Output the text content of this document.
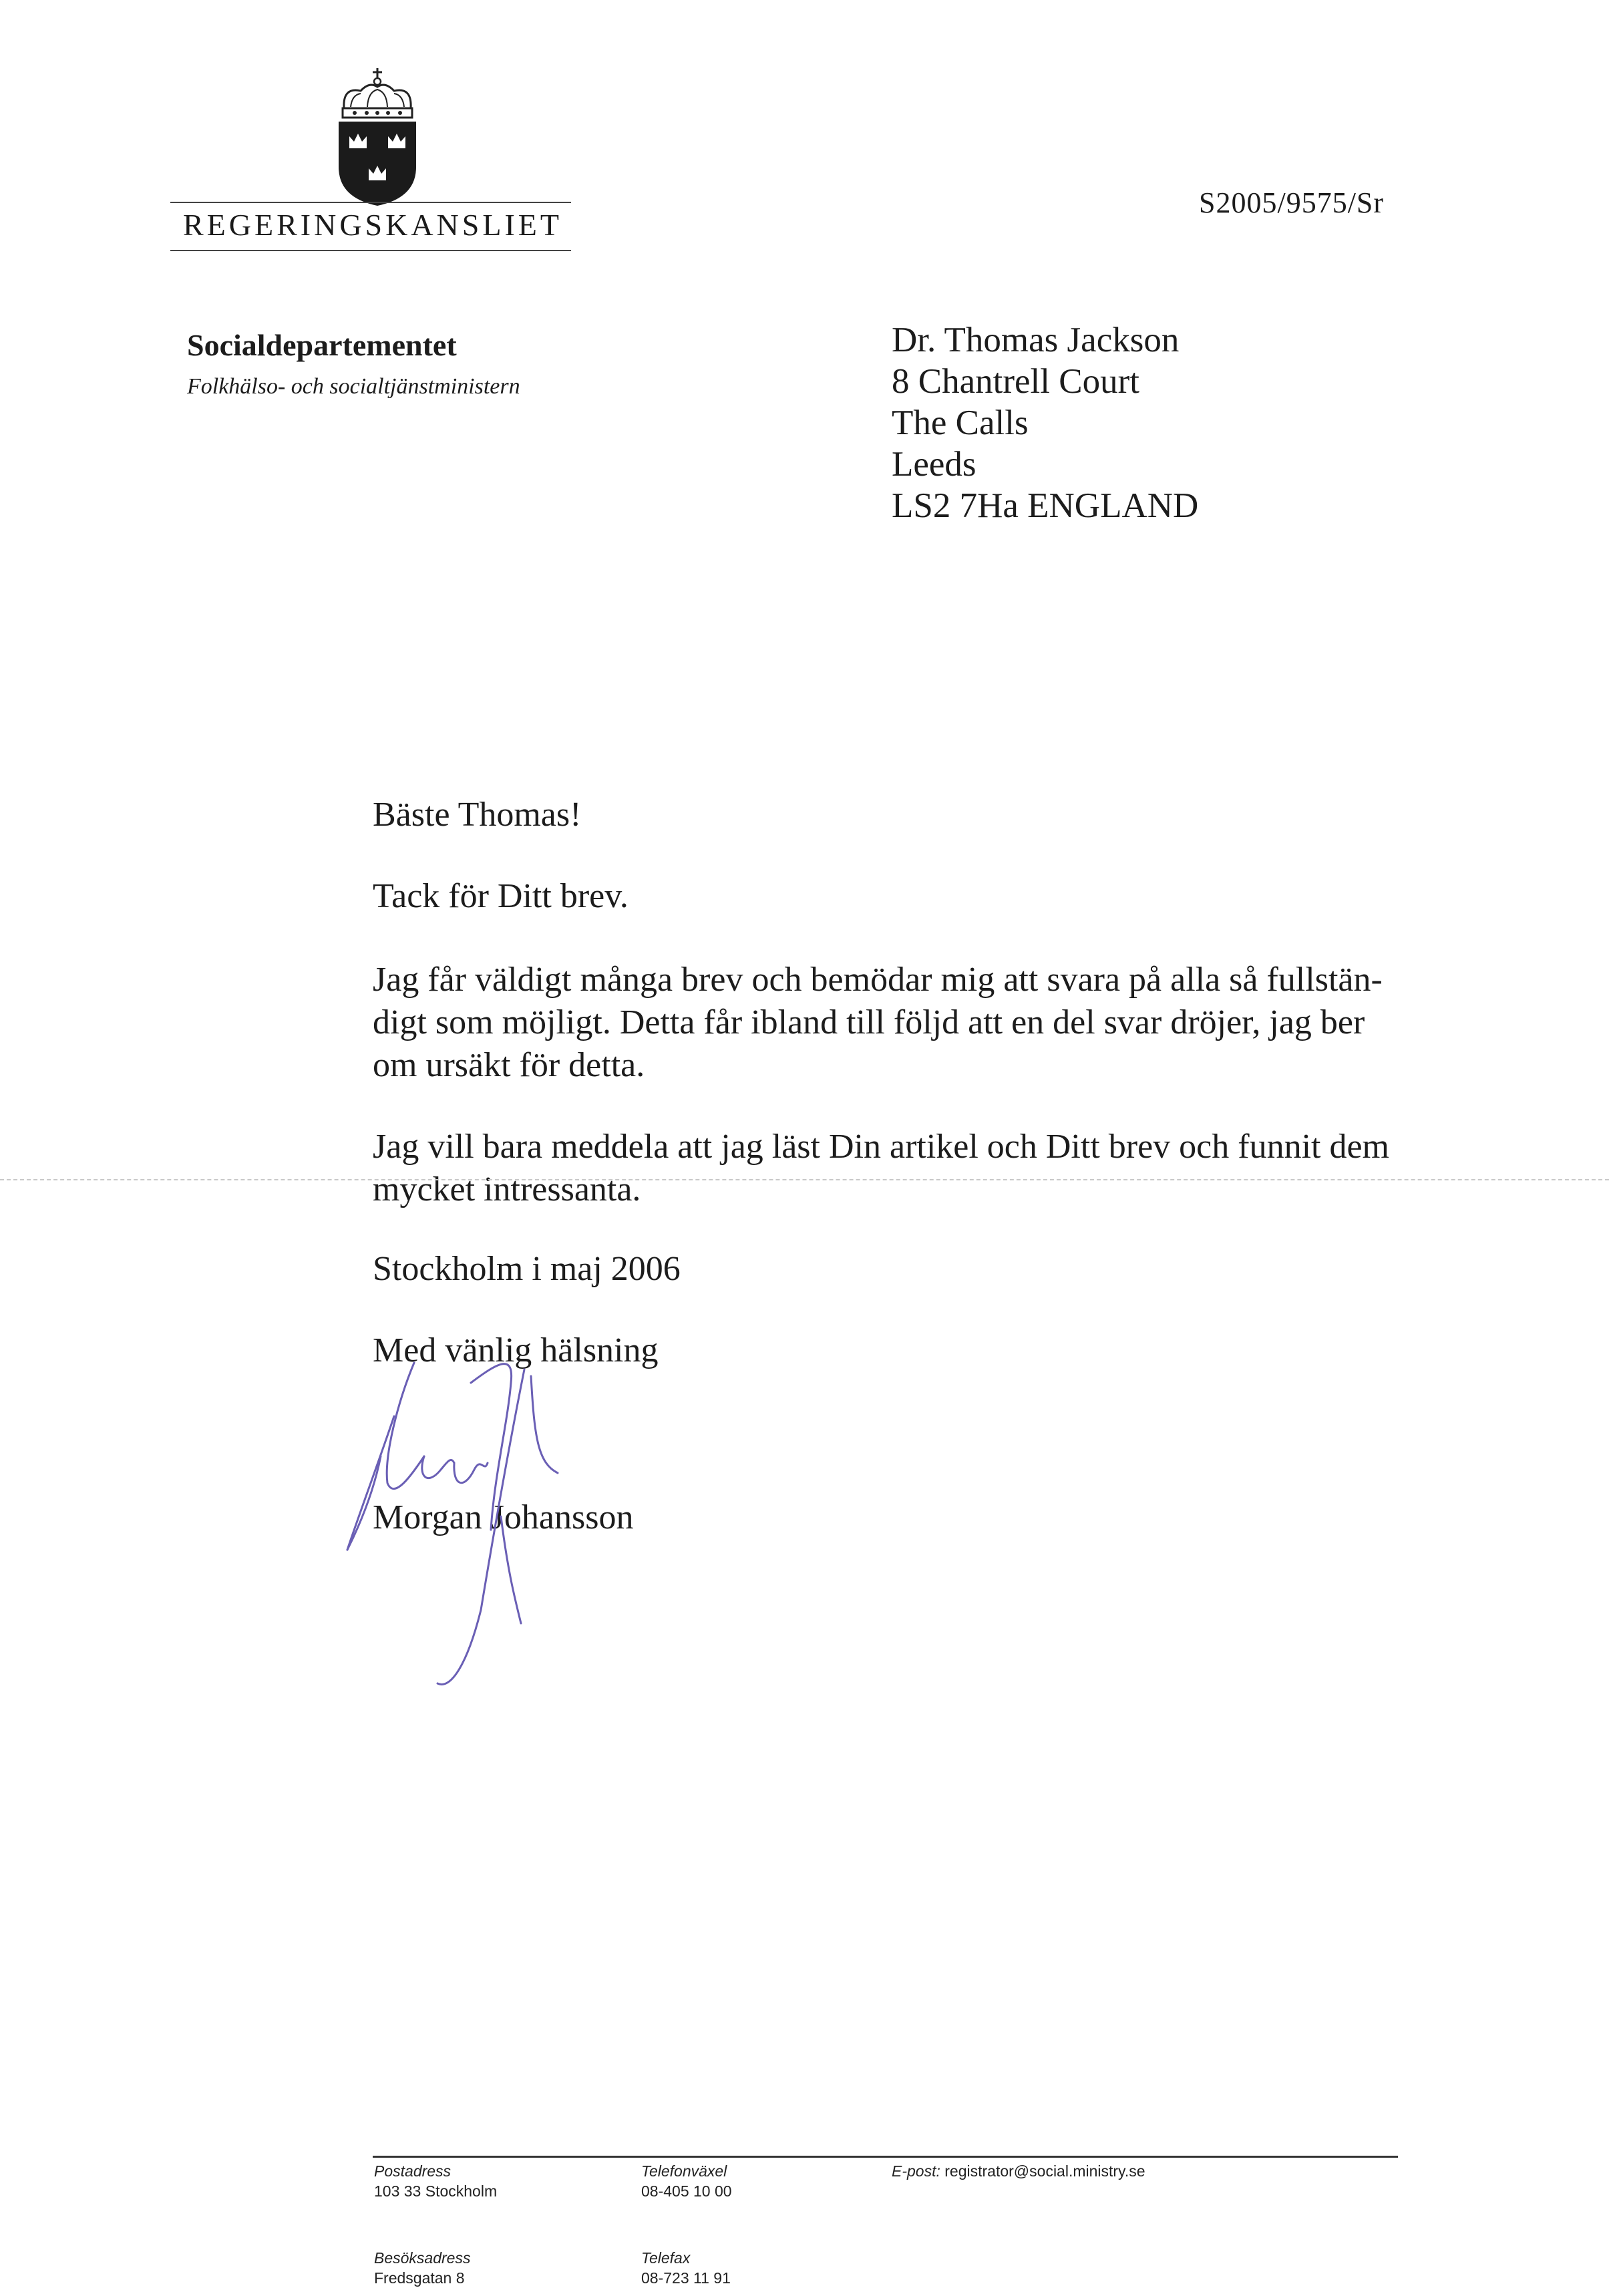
REGERINGSKANSLIET
S2005/9575/Sr
Socialdepartementet
Folkhälso- och socialtjänstministern
Dr. Thomas Jackson
8 Chantrell Court
The Calls
Leeds
LS2 7Ha ENGLAND
Bäste Thomas!
Tack för Ditt brev.
Jag får väldigt många brev och bemödar mig att svara på alla så fullstän-
digt som möjligt. Detta får ibland till följd att en del svar dröjer, jag ber
om ursäkt för detta.
Jag vill bara meddela att jag läst Din artikel och Ditt brev och funnit dem
mycket intressanta.
Stockholm i maj 2006
Med vänlig hälsning
Morgan Johansson
Postadress
103 33 Stockholm
Besöksadress
Fredsgatan 8
Telefonväxel
08-405 10 00
Telefax
08-723 11 91
E-post: registrator@social.ministry.se
